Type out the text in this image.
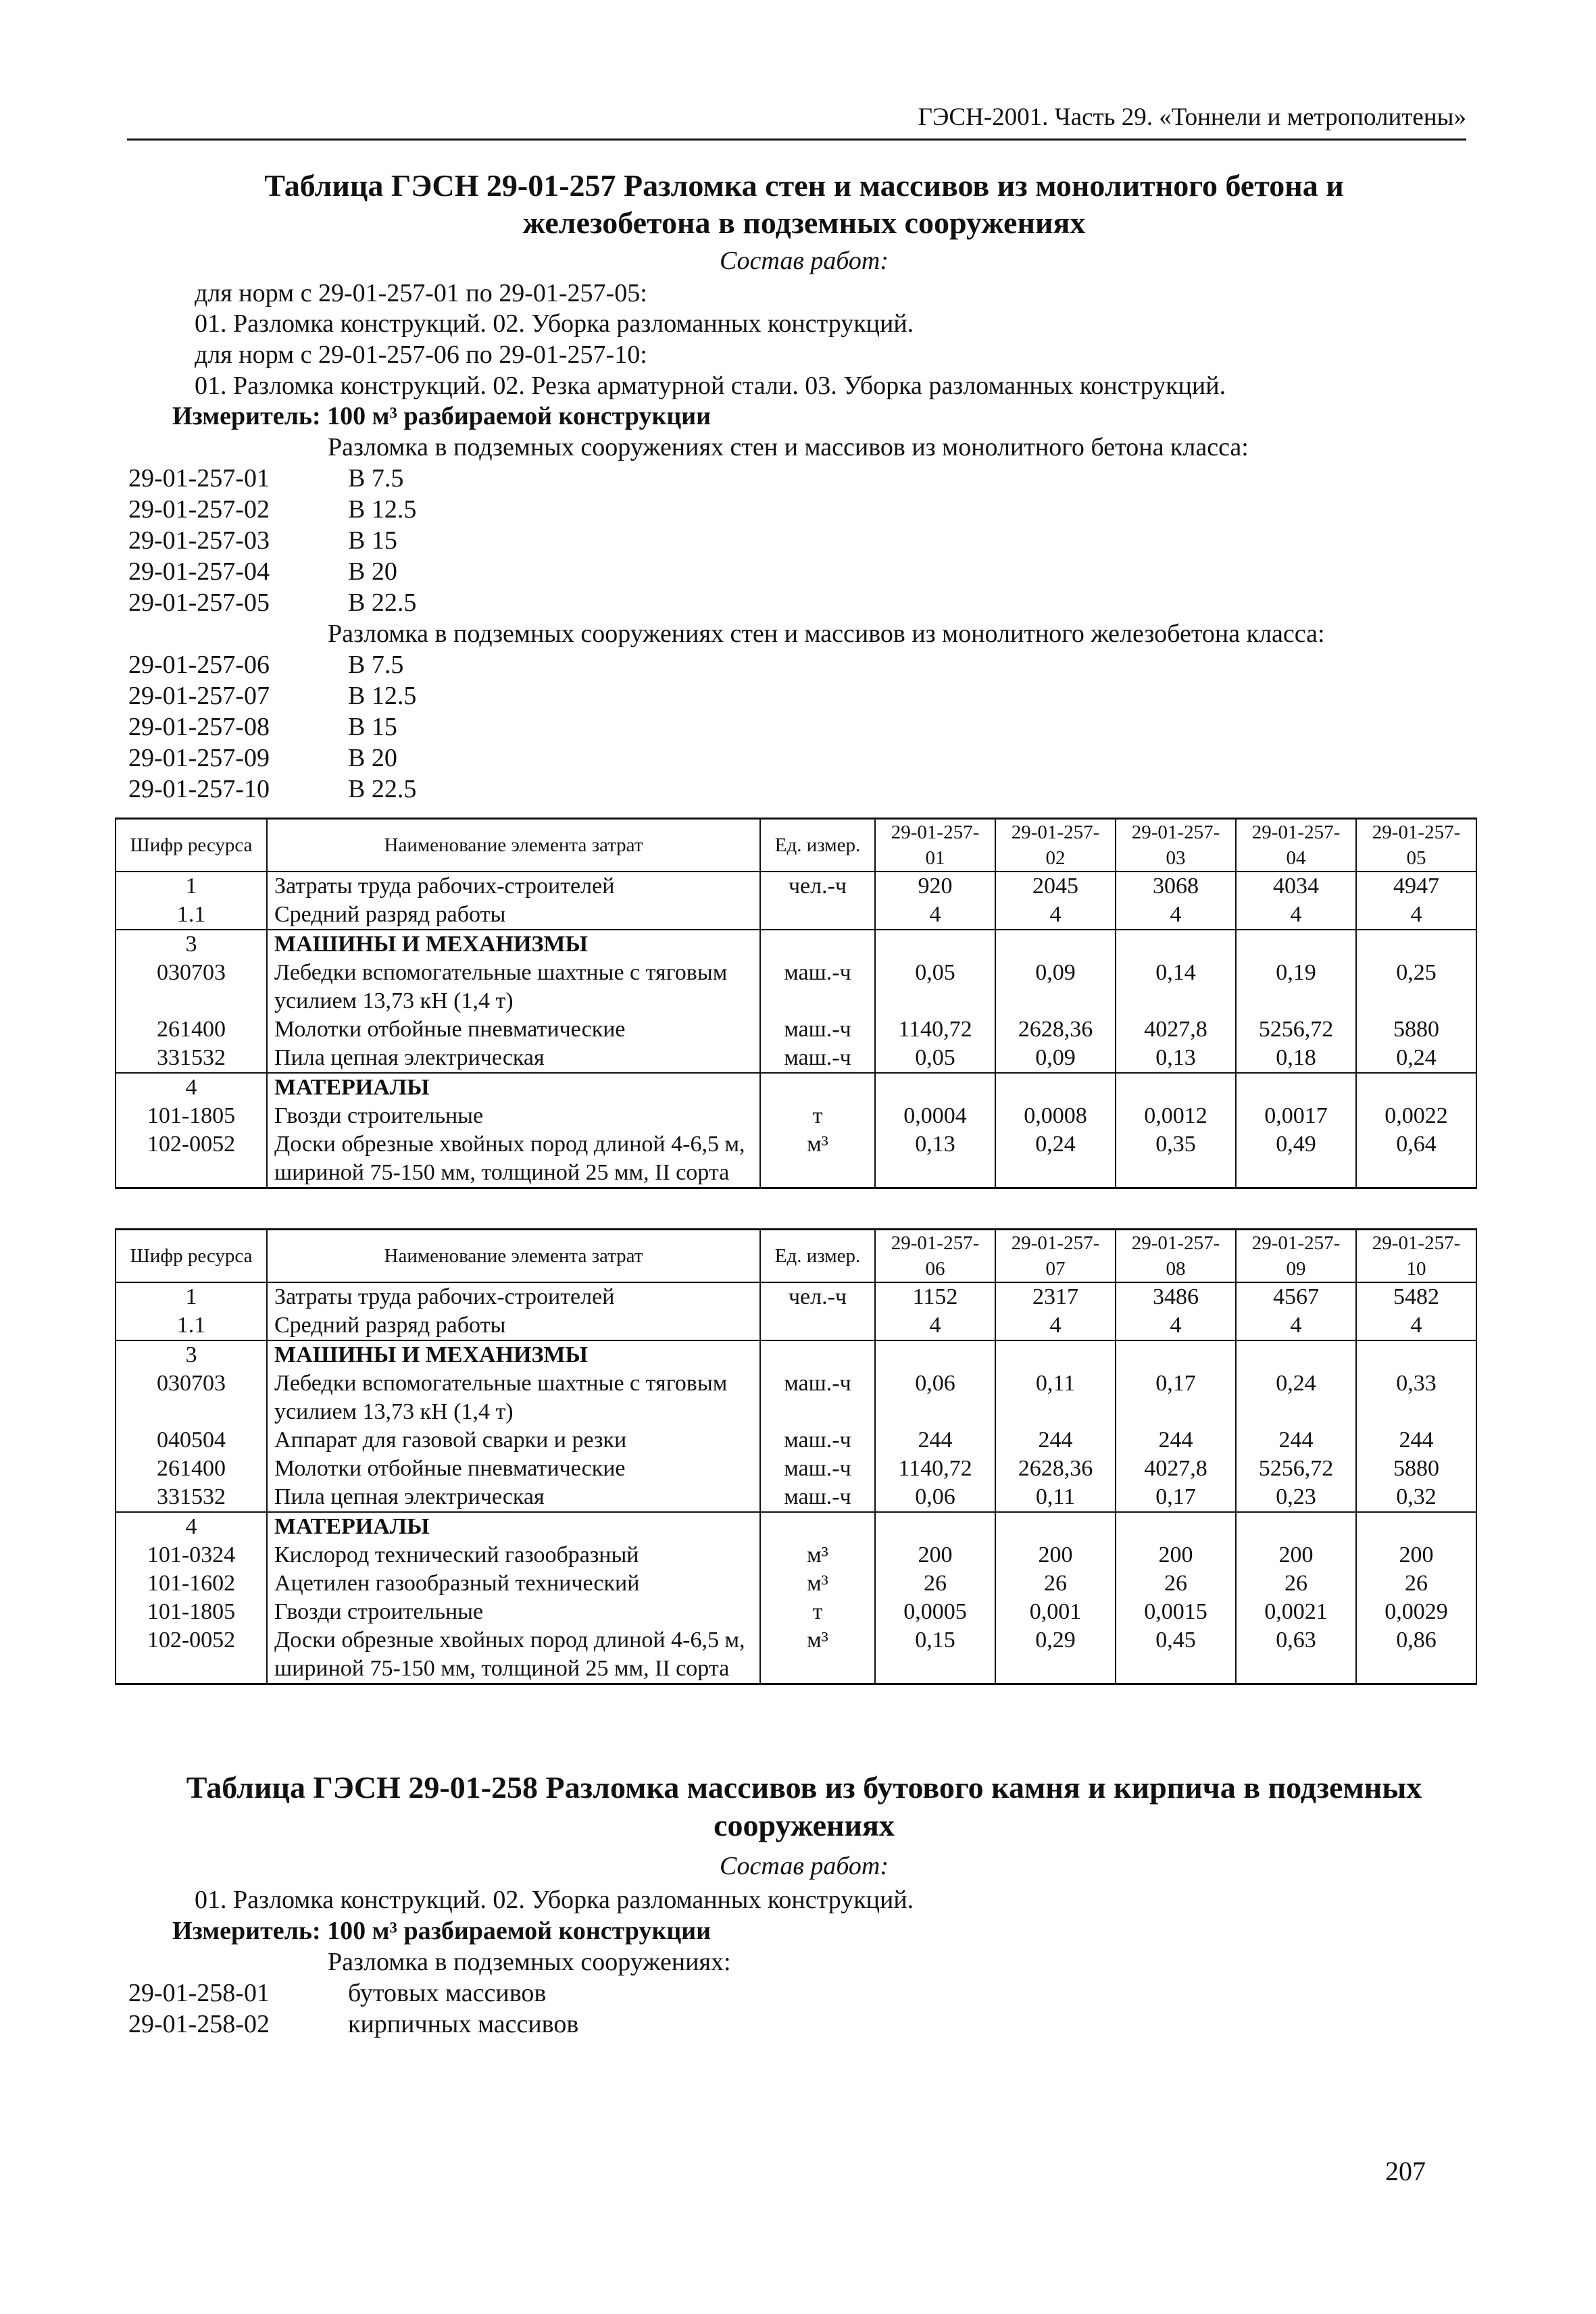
ГЭСН-2001. Часть 29. «Тоннели и метрополитены»
Таблица ГЭСН 29-01-257 Разломка стен и массивов из монолитного бетона и
железобетона в подземных сооружениях
Состав работ:
для норм с 29-01-257-01 по 29-01-257-05:
01. Разломка конструкций. 02. Уборка разломанных конструкций.
для норм с 29-01-257-06 по 29-01-257-10:
01. Разломка конструкций. 02. Резка арматурной стали. 03. Уборка разломанных конструкций.
Измеритель: 100 м³ разбираемой конструкции
Разломка в подземных сооружениях стен и массивов из монолитного бетона класса:
29-01-257-01	В 7.5
29-01-257-02	В 12.5
29-01-257-03	В 15
29-01-257-04	В 20
29-01-257-05	В 22.5
Разломка в подземных сооружениях стен и массивов из монолитного железобетона класса:
29-01-257-06	В 7.5
29-01-257-07	В 12.5
29-01-257-08	В 15
29-01-257-09	В 20
29-01-257-10	В 22.5
Шифр ресурса	Наименование элемента затрат	Ед. измер.	29-01-257-01	29-01-257-02	29-01-257-03	29-01-257-04	29-01-257-05
1	Затраты труда рабочих-строителей	чел.-ч	920	2045	3068	4034	4947
1.1	Средний разряд работы		4	4	4	4	4
3	МАШИНЫ И МЕХАНИЗМЫ						
030703	Лебедки вспомогательные шахтные с тяговым усилием 13,73 кН (1,4 т)	маш.-ч	0,05	0,09	0,14	0,19	0,25
261400	Молотки отбойные пневматические	маш.-ч	1140,72	2628,36	4027,8	5256,72	5880
331532	Пила цепная электрическая	маш.-ч	0,05	0,09	0,13	0,18	0,24
4	МАТЕРИАЛЫ						
101-1805	Гвозди строительные	т	0,0004	0,0008	0,0012	0,0017	0,0022
102-0052	Доски обрезные хвойных пород длиной 4-6,5 м, шириной 75-150 мм, толщиной 25 мм, II сорта	м³	0,13	0,24	0,35	0,49	0,64
Шифр ресурса	Наименование элемента затрат	Ед. измер.	29-01-257-06	29-01-257-07	29-01-257-08	29-01-257-09	29-01-257-10
1	Затраты труда рабочих-строителей	чел.-ч	1152	2317	3486	4567	5482
1.1	Средний разряд работы		4	4	4	4	4
3	МАШИНЫ И МЕХАНИЗМЫ						
030703	Лебедки вспомогательные шахтные с тяговым усилием 13,73 кН (1,4 т)	маш.-ч	0,06	0,11	0,17	0,24	0,33
040504	Аппарат для газовой сварки и резки	маш.-ч	244	244	244	244	244
261400	Молотки отбойные пневматические	маш.-ч	1140,72	2628,36	4027,8	5256,72	5880
331532	Пила цепная электрическая	маш.-ч	0,06	0,11	0,17	0,23	0,32
4	МАТЕРИАЛЫ						
101-0324	Кислород технический газообразный	м³	200	200	200	200	200
101-1602	Ацетилен газообразный технический	м³	26	26	26	26	26
101-1805	Гвозди строительные	т	0,0005	0,001	0,0015	0,0021	0,0029
102-0052	Доски обрезные хвойных пород длиной 4-6,5 м, шириной 75-150 мм, толщиной 25 мм, II сорта	м³	0,15	0,29	0,45	0,63	0,86
Таблица ГЭСН 29-01-258 Разломка массивов из бутового камня и кирпича в подземных
сооружениях
Состав работ:
01. Разломка конструкций. 02. Уборка разломанных конструкций.
Измеритель: 100 м³ разбираемой конструкции
Разломка в подземных сооружениях:
29-01-258-01	бутовых массивов
29-01-258-02	кирпичных массивов
207
